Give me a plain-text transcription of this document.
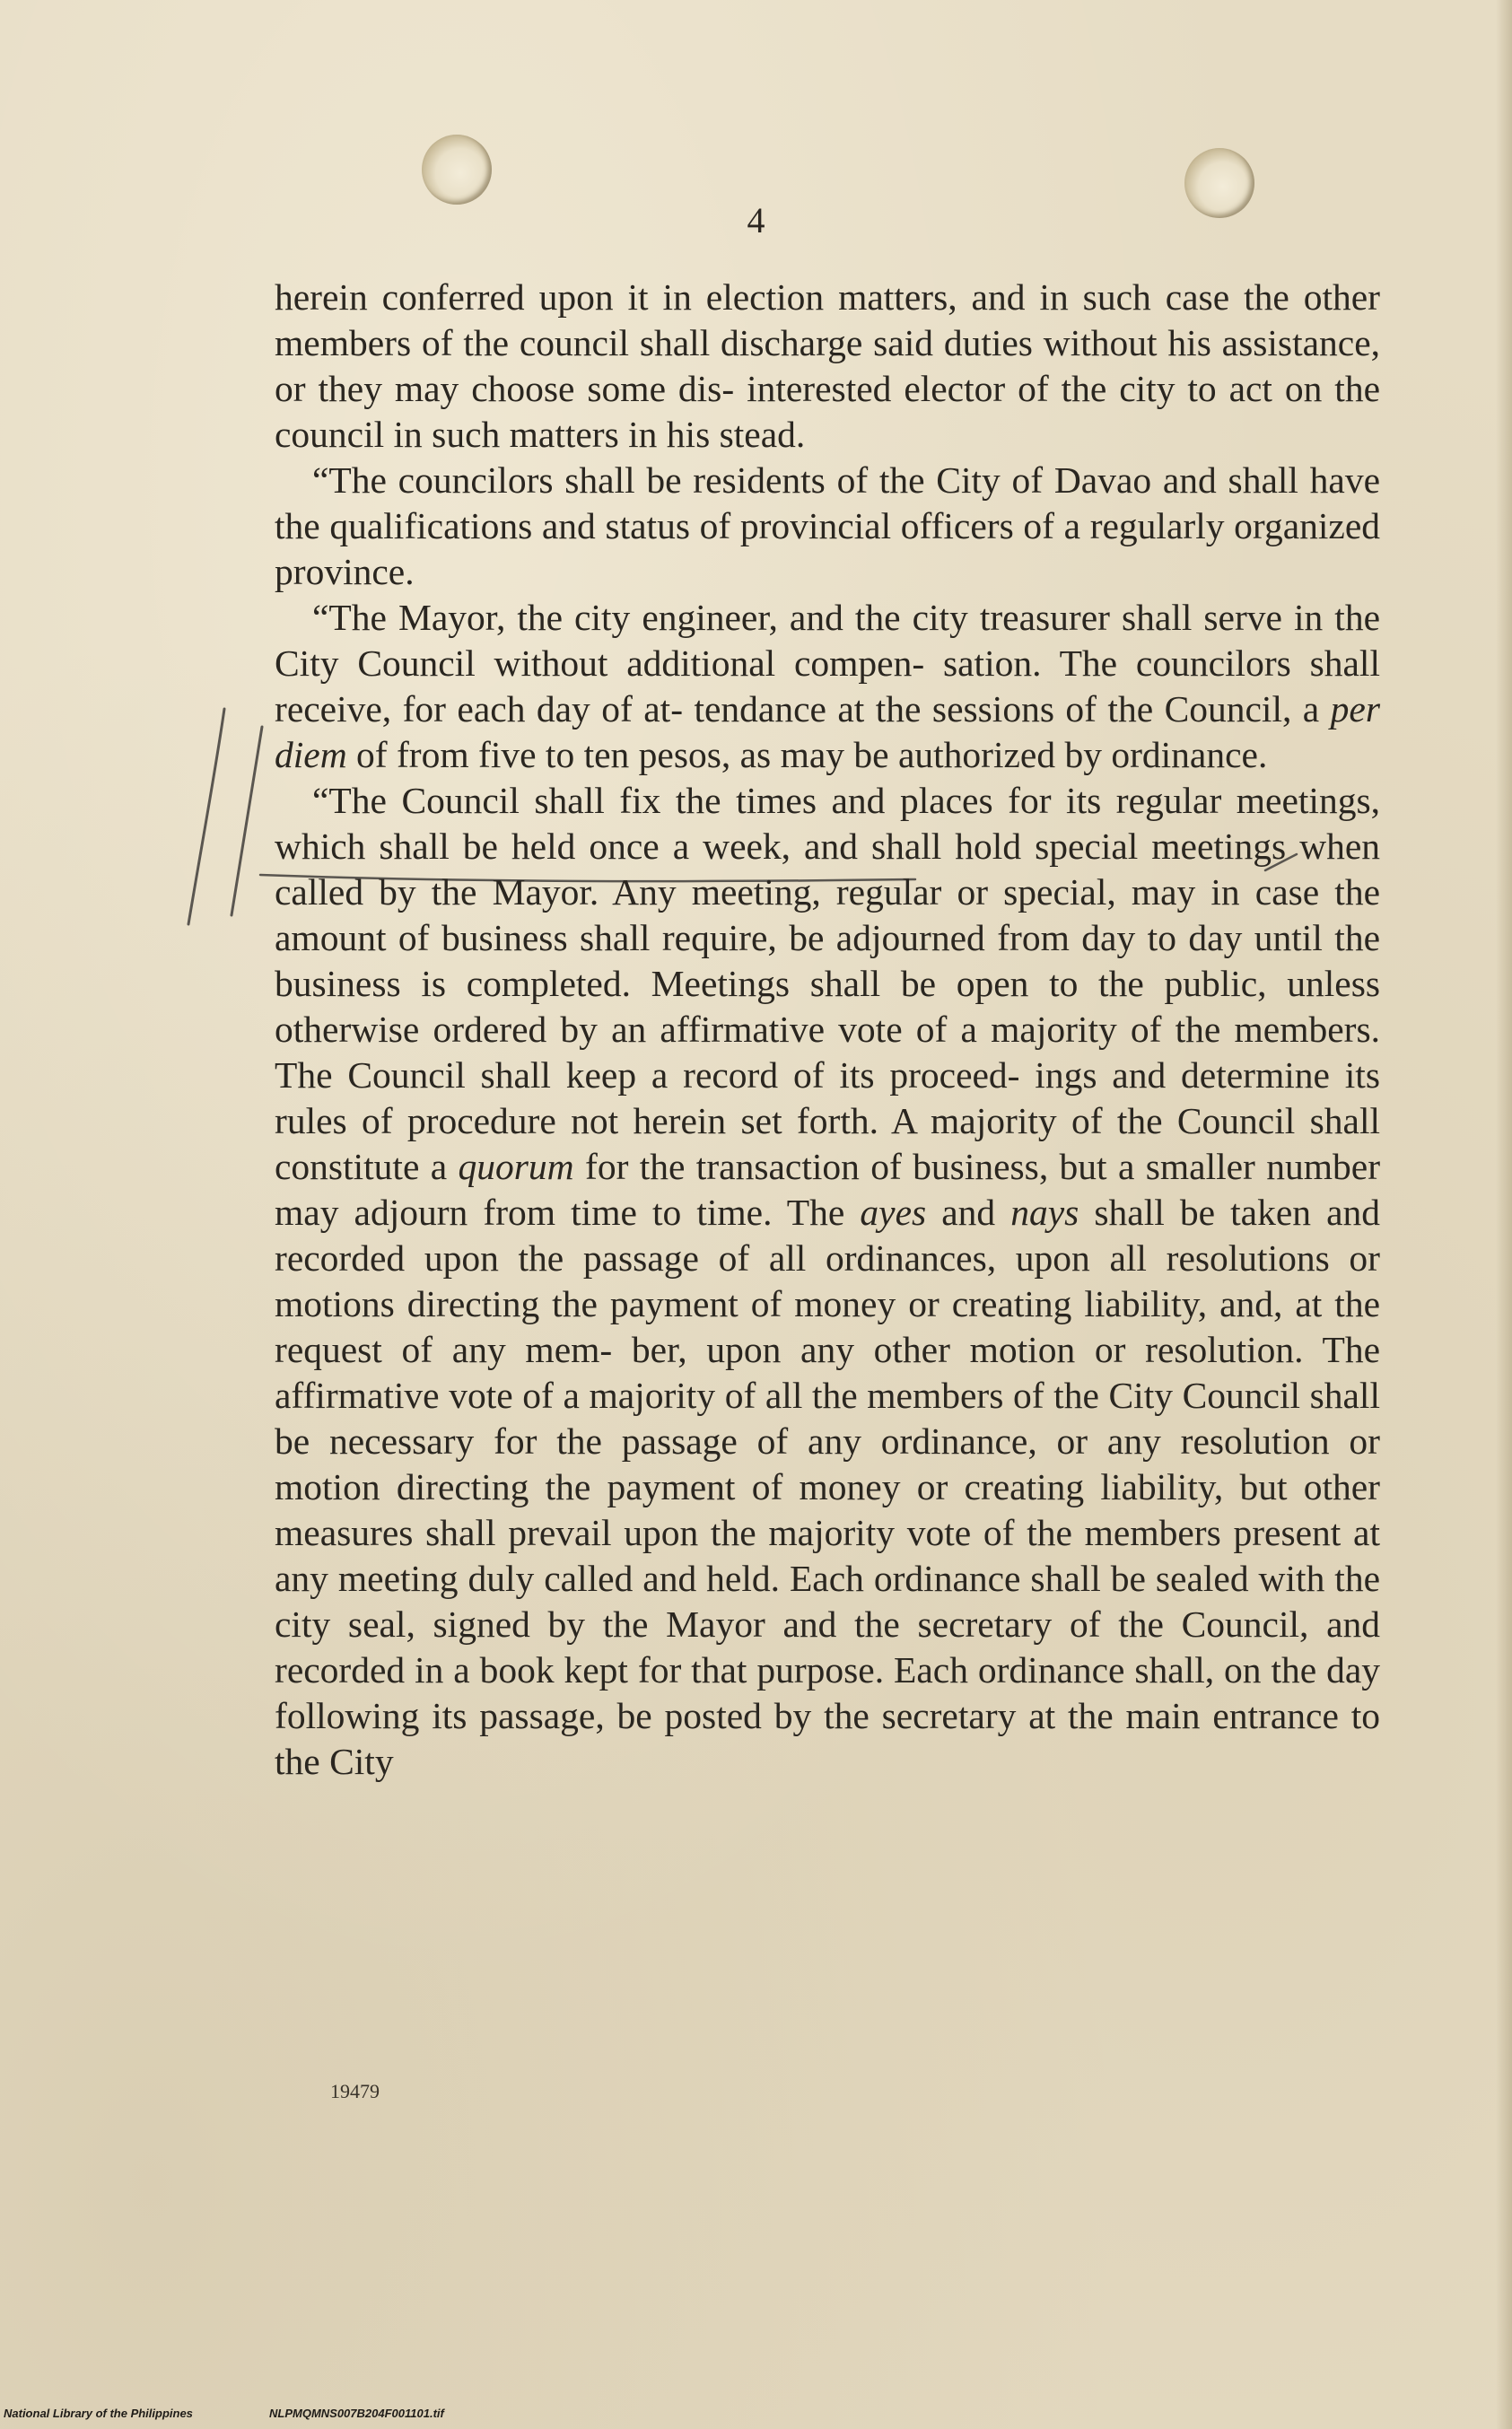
4

herein conferred upon it in election matters, and in such case the other members of the council shall discharge said duties without his assistance, or they may choose some dis- interested elector of the city to act on the council in such matters in his stead.

“The councilors shall be residents of the City of Davao and shall have the qualifications and status of provincial officers of a regularly organized province.

“The Mayor, the city engineer, and the city treasurer shall serve in the City Council without additional compen- sation. The councilors shall receive, for each day of at- tendance at the sessions of the Council, a per diem of from five to ten pesos, as may be authorized by ordinance.

“The Council shall fix the times and places for its regular meetings, which shall be held once a week, and shall hold special meetings when called by the Mayor. Any meeting, regular or special, may in case the amount of business shall require, be adjourned from day to day until the business is completed. Meetings shall be open to the public, unless otherwise ordered by an affirmative vote of a majority of the members. The Council shall keep a record of its proceed- ings and determine its rules of procedure not herein set forth. A majority of the Council shall constitute a quorum for the transaction of business, but a smaller number may adjourn from time to time. The ayes and nays shall be taken and recorded upon the passage of all ordinances, upon all resolutions or motions directing the payment of money or creating liability, and, at the request of any mem- ber, upon any other motion or resolution. The affirmative vote of a majority of all the members of the City Council shall be necessary for the passage of any ordinance, or any resolution or motion directing the payment of money or creating liability, but other measures shall prevail upon the majority vote of the members present at any meeting duly called and held. Each ordinance shall be sealed with the city seal, signed by the Mayor and the secretary of the Council, and recorded in a book kept for that purpose. Each ordinance shall, on the day following its passage, be posted by the secretary at the main entrance to the City

19479
National Library of the Philippines	NLPMQMNS007B204F001101.tif
